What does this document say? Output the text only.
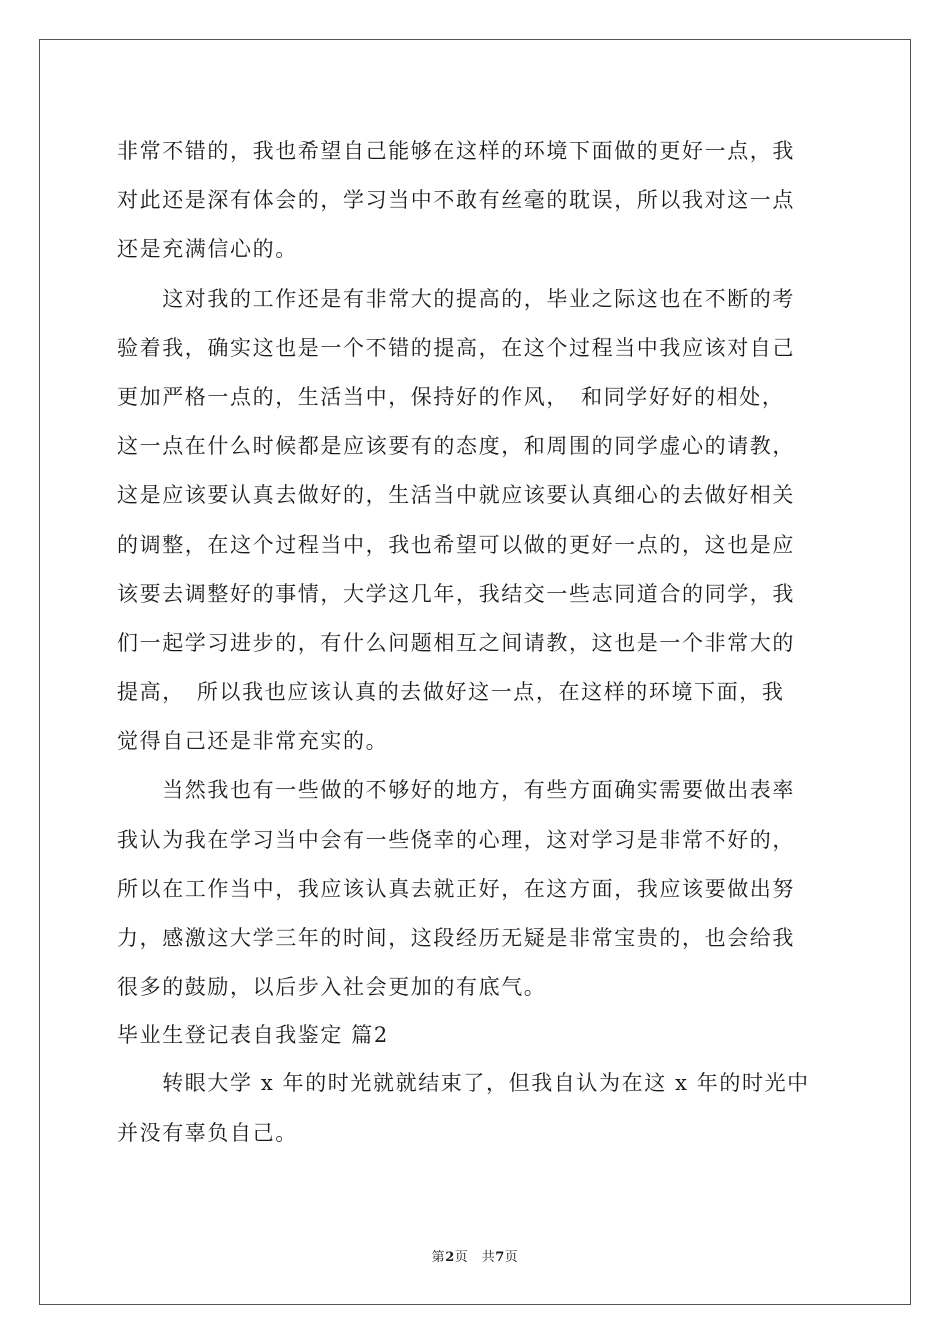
非常不错的，我也希望自己能够在这样的环境下面做的更好一点，我
对此还是深有体会的，学习当中不敢有丝毫的耽误，所以我对这一点
还是充满信心的。
　　这对我的工作还是有非常大的提高的，毕业之际这也在不断的考
验着我，确实这也是一个不错的提高，在这个过程当中我应该对自己
更加严格一点的，生活当中，保持好的作风，　和同学好好的相处，
这一点在什么时候都是应该要有的态度，和周围的同学虚心的请教，
这是应该要认真去做好的，生活当中就应该要认真细心的去做好相关
的调整，在这个过程当中，我也希望可以做的更好一点的，这也是应
该要去调整好的事情，大学这几年，我结交一些志同道合的同学，我
们一起学习进步的，有什么问题相互之间请教，这也是一个非常大的
提高，　所以我也应该认真的去做好这一点，在这样的环境下面，我
觉得自己还是非常充实的。
　　当然我也有一些做的不够好的地方，有些方面确实需要做出表率
我认为我在学习当中会有一些侥幸的心理，这对学习是非常不好的，
所以在工作当中，我应该认真去就正好，在这方面，我应该要做出努
力，感激这大学三年的时间，这段经历无疑是非常宝贵的，也会给我
很多的鼓励，以后步入社会更加的有底气。
毕业生登记表自我鉴定 篇2
　　转眼大学 x 年的时光就就结束了，但我自认为在这 x 年的时光中
并没有辜负自己。
第2页　共7页
